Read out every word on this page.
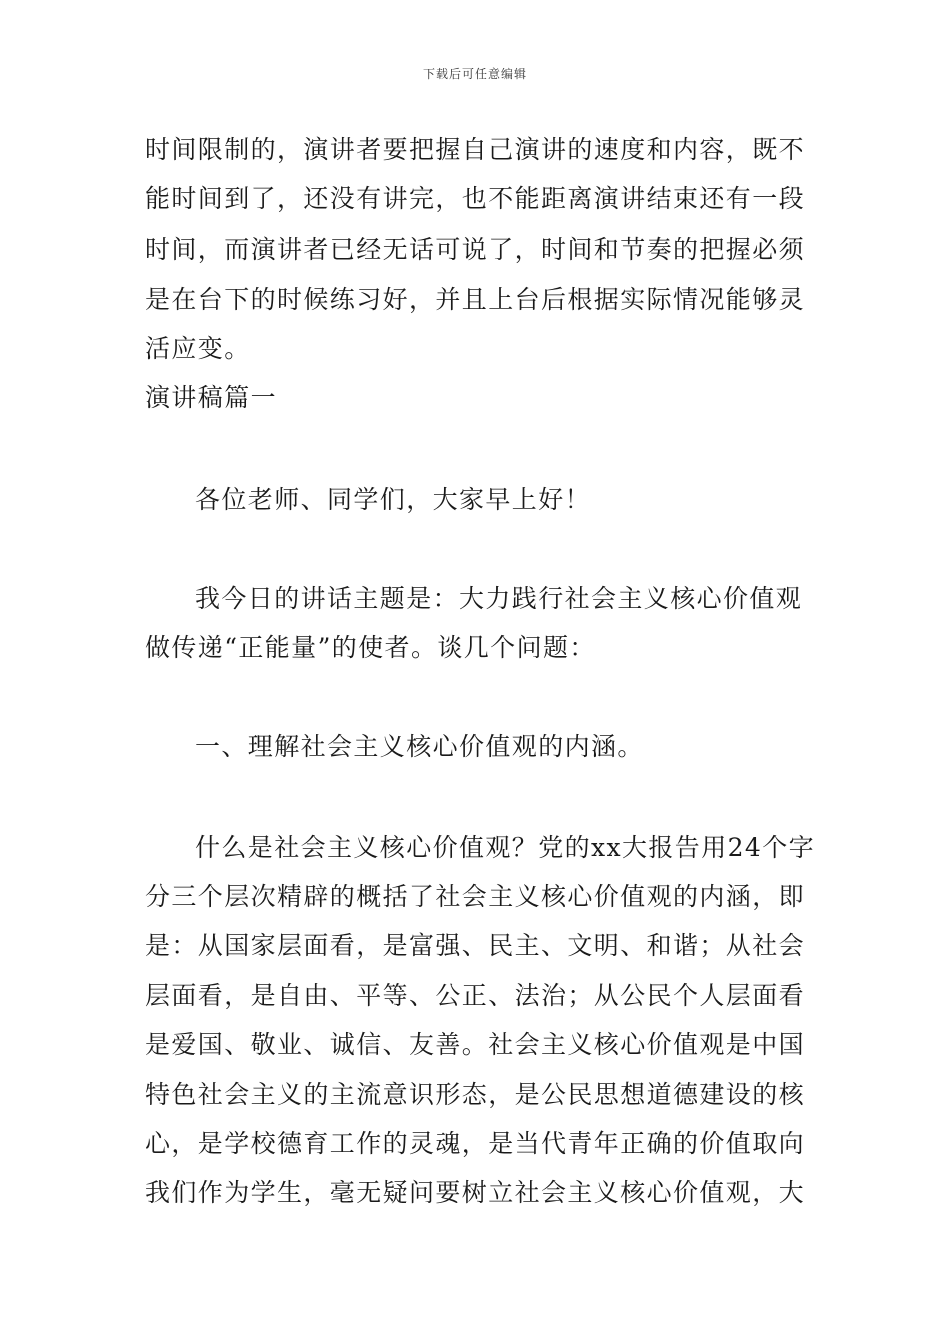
下载后可任意编辑
时间限制的，演讲者要把握自己演讲的速度和内容，既不
能时间到了，还没有讲完，也不能距离演讲结束还有一段
时间，而演讲者已经无话可说了，时间和节奏的把握必须
是在台下的时候练习好，并且上台后根据实际情况能够灵
活应变。
演讲稿篇一
各位老师、同学们，大家早上好！
我今日的讲话主题是：大力践行社会主义核心价值观
做传递“正能量”的使者。谈几个问题：
一、理解社会主义核心价值观的内涵。
什么是社会主义核心价值观？党的xx大报告用24个字
分三个层次精辟的概括了社会主义核心价值观的内涵，即
是：从国家层面看，是富强、民主、文明、和谐；从社会
层面看，是自由、平等、公正、法治；从公民个人层面看
是爱国、敬业、诚信、友善。社会主义核心价值观是中国
特色社会主义的主流意识形态，是公民思想道德建设的核
心，是学校德育工作的灵魂，是当代青年正确的价值取向
我们作为学生，毫无疑问要树立社会主义核心价值观，大
